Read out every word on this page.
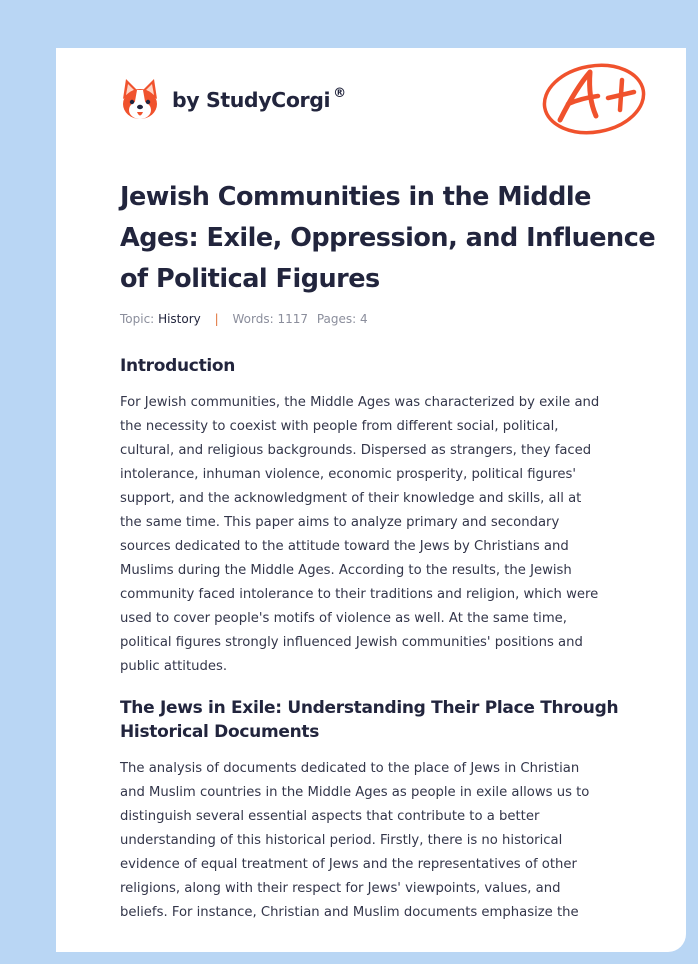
by StudyCorgi ®
Jewish Communities in the Middle Ages: Exile, Oppression, and Influence of Political Figures
Topic: History | Words: 1117 Pages: 4
Introduction

For Jewish communities, the Middle Ages was characterized by exile and
the necessity to coexist with people from different social, political,
cultural, and religious backgrounds. Dispersed as strangers, they faced
intolerance, inhuman violence, economic prosperity, political figures'
support, and the acknowledgment of their knowledge and skills, all at
the same time. This paper aims to analyze primary and secondary
sources dedicated to the attitude toward the Jews by Christians and
Muslims during the Middle Ages. According to the results, the Jewish
community faced intolerance to their traditions and religion, which were
used to cover people's motifs of violence as well. At the same time,
political figures strongly influenced Jewish communities' positions and
public attitudes.

The Jews in Exile: Understanding Their Place Through Historical Documents

The analysis of documents dedicated to the place of Jews in Christian
and Muslim countries in the Middle Ages as people in exile allows us to
distinguish several essential aspects that contribute to a better
understanding of this historical period. Firstly, there is no historical
evidence of equal treatment of Jews and the representatives of other
religions, along with their respect for Jews' viewpoints, values, and
beliefs. For instance, Christian and Muslim documents emphasize the
